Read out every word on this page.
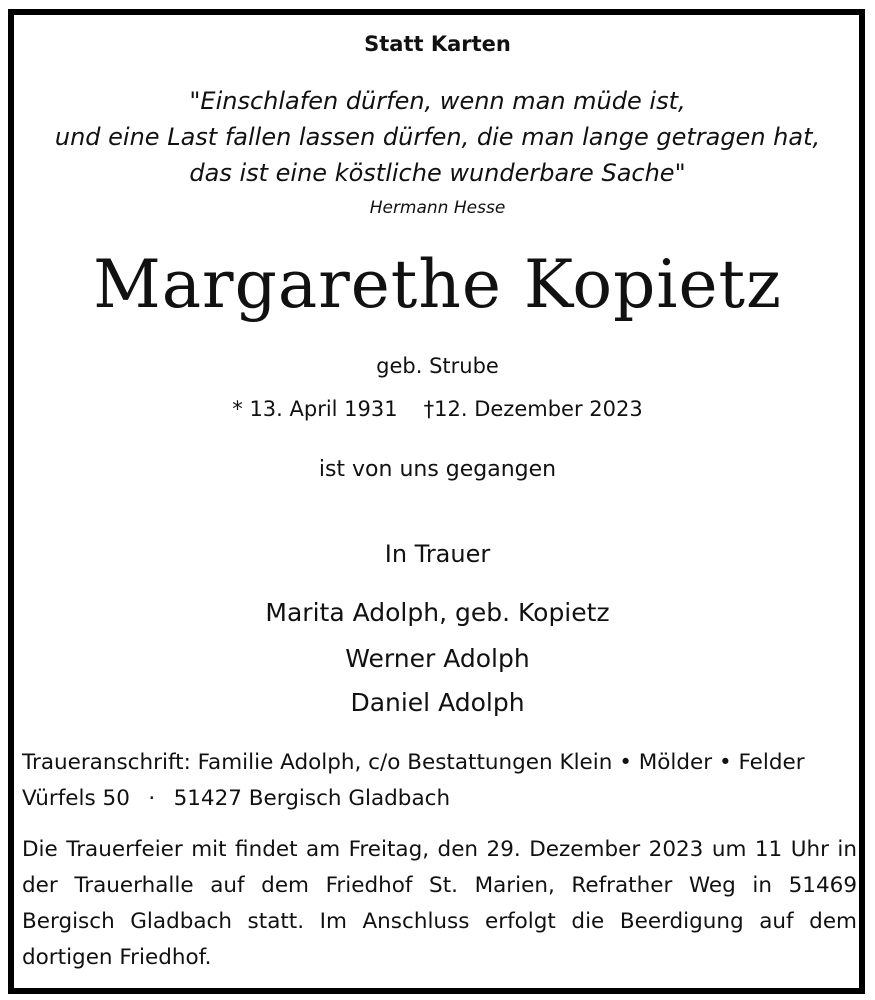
Statt Karten
"Einschlafen dürfen, wenn man müde ist,
und eine Last fallen lassen dürfen, die man lange getragen hat,
das ist eine köstliche wunderbare Sache"
Hermann Hesse
Margarethe Kopietz
geb. Strube
* 13. April 1931 †12. Dezember 2023
ist von uns gegangen
In Trauer
Marita Adolph, geb. Kopietz
Werner Adolph
Daniel Adolph
Traueranschrift: Familie Adolph, c/o Bestattungen Klein • Mölder • Felder
Vürfels 50 · 51427 Bergisch Gladbach
Die Trauerfeier mit findet am Freitag, den 29. Dezember 2023 um 11 Uhr in der Trauerhalle auf dem Friedhof St. Marien, Refrather Weg in 51469 Bergisch Gladbach statt. Im Anschluss erfolgt die Beerdigung auf dem dortigen Friedhof.
